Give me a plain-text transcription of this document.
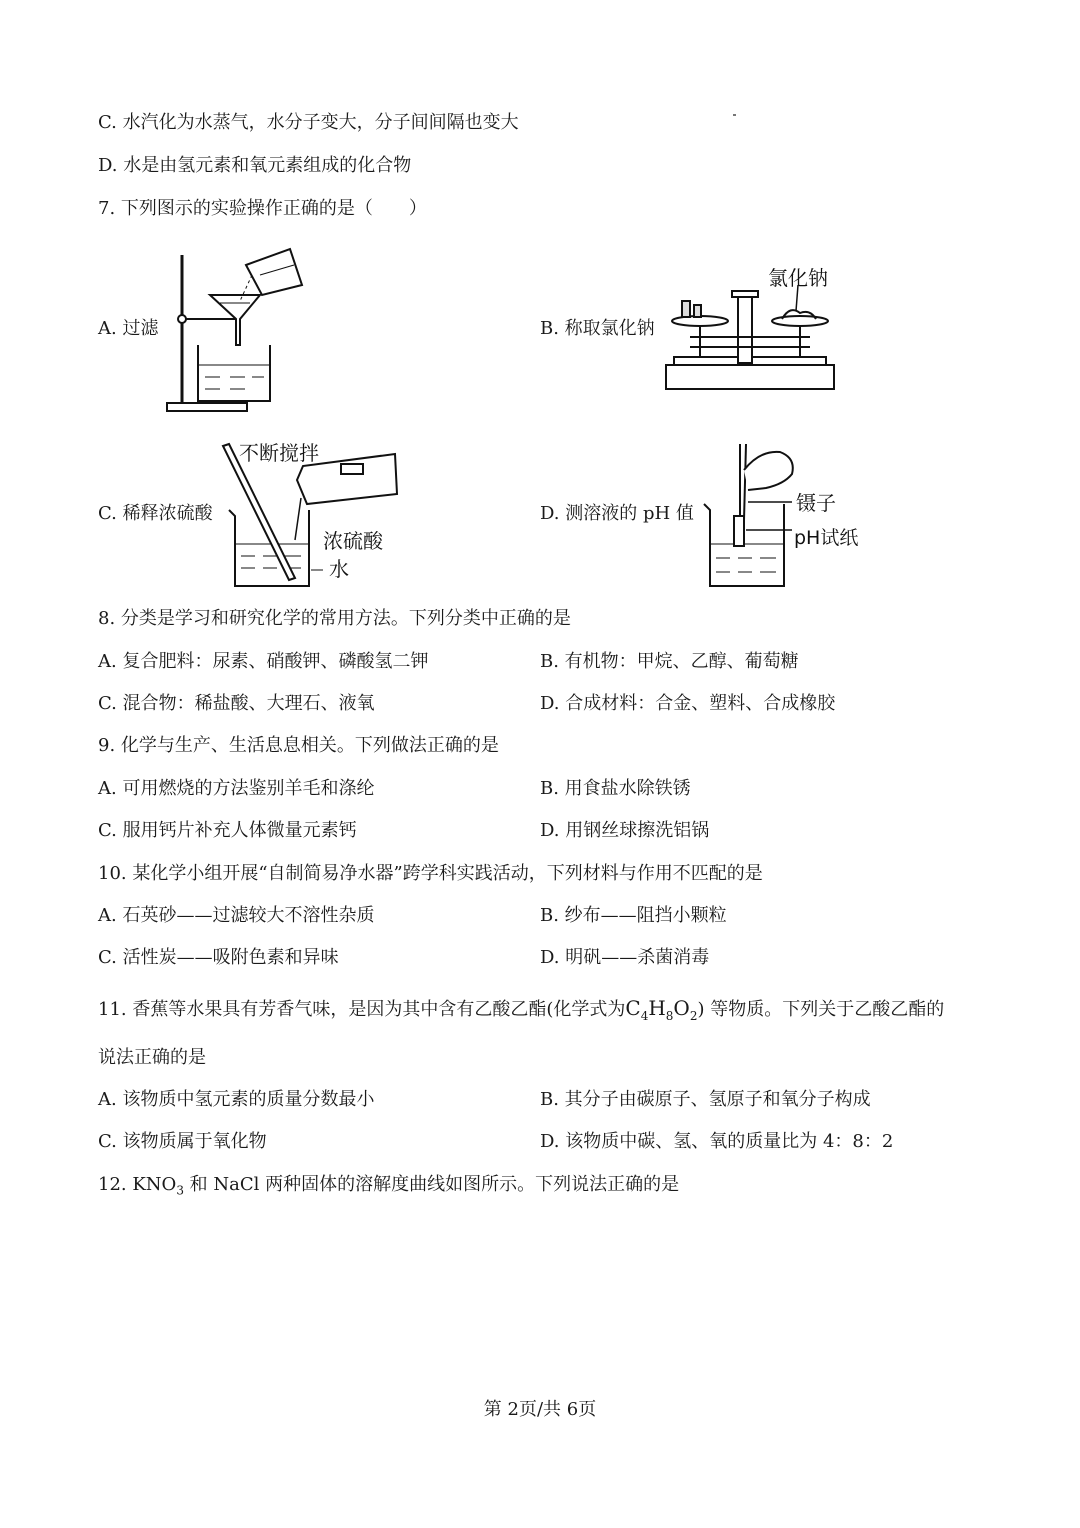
C. 水汽化为水蒸气，水分子变大，分子间间隔也变大
D. 水是由氢元素和氧元素组成的化合物
7. 下列图示的实验操作正确的是（　　）
A. 过滤	B. 称取氯化钠
C. 稀释浓硫酸	D. 测溶液的 pH 值
氯化钠
不断搅拌
浓硫酸
水
镊子
pH试纸
8. 分类是学习和研究化学的常用方法。下列分类中正确的是
A. 复合肥料：尿素、硝酸钾、磷酸氢二钾	B. 有机物：甲烷、乙醇、葡萄糖
C. 混合物：稀盐酸、大理石、液氧	D. 合成材料：合金、塑料、合成橡胶
9. 化学与生产、生活息息相关。下列做法正确的是
A. 可用燃烧的方法鉴别羊毛和涤纶	B. 用食盐水除铁锈
C. 服用钙片补充人体微量元素钙	D. 用钢丝球擦洗铝锅
10. 某化学小组开展“自制简易净水器”跨学科实践活动，下列材料与作用不匹配的是
A. 石英砂——过滤较大不溶性杂质	B. 纱布——阻挡小颗粒
C. 活性炭——吸附色素和异味	D. 明矾——杀菌消毒
11. 香蕉等水果具有芳香气味，是因为其中含有乙酸乙酯(化学式为$C_4H_8O_2$) 等物质。下列关于乙酸乙酯的
说法正确的是
A. 该物质中氢元素的质量分数最小	B. 其分子由碳原子、氢原子和氧分子构成
C. 该物质属于氧化物	D. 该物质中碳、氢、氧的质量比为 4：8：2
12. $KNO_3$ 和 NaCl 两种固体的溶解度曲线如图所示。下列说法正确的是
第 2页/共 6页
